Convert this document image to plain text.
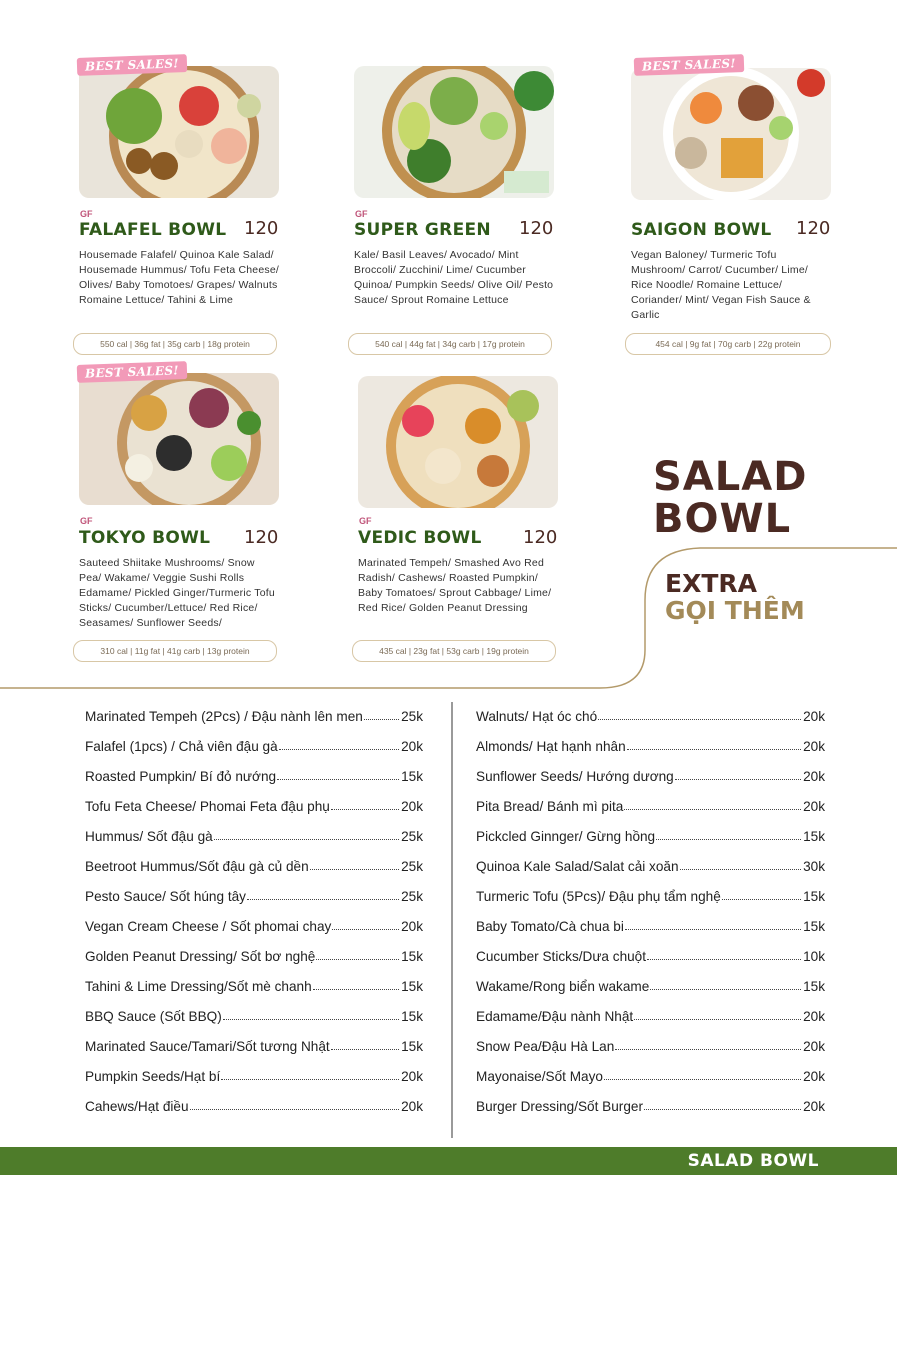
BEST SALES!
GF
FALAFEL BOWL 120
Housemade Falafel/ Quinoa Kale Salad/ Housemade Hummus/ Tofu Feta Cheese/ Olives/ Baby Tomotoes/ Grapes/ Walnuts Romaine Lettuce/ Tahini & Lime
550 cal | 36g fat | 35g carb | 18g protein
GF
SUPER GREEN 120
Kale/ Basil Leaves/ Avocado/ Mint Broccoli/ Zucchini/ Lime/ Cucumber Quinoa/ Pumpkin Seeds/ Olive Oil/ Pesto Sauce/ Sprout Romaine Lettuce
540 cal | 44g fat | 34g carb | 17g protein
BEST SALES!
SAIGON BOWL 120
Vegan Baloney/ Turmeric Tofu Mushroom/ Carrot/ Cucumber/ Lime/ Rice Noodle/ Romaine Lettuce/ Coriander/ Mint/ Vegan Fish Sauce & Garlic
454 cal | 9g fat | 70g carb | 22g protein
BEST SALES!
GF
TOKYO BOWL 120
Sauteed Shiitake Mushrooms/ Snow Pea/ Wakame/ Veggie Sushi Rolls Edamame/ Pickled Ginger/Turmeric Tofu Sticks/ Cucumber/Lettuce/ Red Rice/ Seasames/ Sunflower Seeds/
310 cal | 11g fat | 41g carb | 13g protein
GF
VEDIC BOWL 120
Marinated Tempeh/ Smashed Avo Red Radish/ Cashews/ Roasted Pumpkin/ Baby Tomatoes/ Sprout Cabbage/ Lime/ Red Rice/ Golden Peanut Dressing
435 cal | 23g fat | 53g carb | 19g protein
SALAD
BOWL
EXTRA
GỌI THÊM
Marinated Tempeh (2Pcs) / Đậu nành lên men	25k
Falafel (1pcs) / Chả viên đậu gà	20k
Roasted Pumpkin/ Bí đỏ nướng	15k
Tofu Feta Cheese/ Phomai Feta đậu phụ	20k
Hummus/ Sốt đậu gà	25k
Beetroot Hummus/Sốt đậu gà củ dền	25k
Pesto Sauce/ Sốt húng tây	25k
Vegan Cream Cheese / Sốt phomai chay	20k
Golden Peanut Dressing/ Sốt bơ nghệ	15k
Tahini & Lime Dressing/Sốt mè chanh	15k
BBQ Sauce (Sốt BBQ)	15k
Marinated Sauce/Tamari/Sốt tương Nhật	15k
Pumpkin Seeds/Hạt bí	20k
Cahews/Hạt điều	20k
Walnuts/ Hạt óc chó	20k
Almonds/ Hạt hạnh nhân	20k
Sunflower Seeds/ Hướng dương	20k
Pita Bread/ Bánh mì pita	20k
Pickcled Ginnger/ Gừng hồng	15k
Quinoa Kale Salad/Salat cải xoăn	30k
Turmeric Tofu (5Pcs)/ Đậu phụ tẩm nghệ	15k
Baby Tomato/Cà chua bi	15k
Cucumber Sticks/Dưa chuột	10k
Wakame/Rong biển wakame	15k
Edamame/Đậu nành Nhật	20k
Snow Pea/Đậu Hà Lan	20k
Mayonaise/Sốt Mayo	20k
Burger Dressing/Sốt Burger	20k
SALAD BOWL
